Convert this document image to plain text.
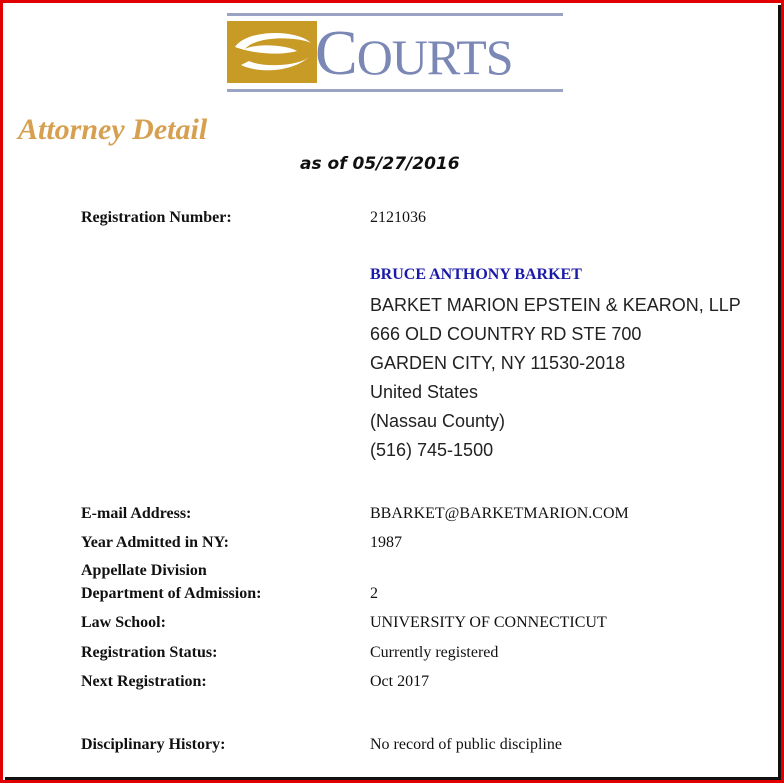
COURTS
Attorney Detail
as of 05/27/2016
Registration Number:	2121036
BRUCE ANTHONY BARKET
BARKET MARION EPSTEIN & KEARON, LLP
666 OLD COUNTRY RD STE 700
GARDEN CITY, NY 11530-2018
United States
(Nassau County)
(516) 745-1500
E-mail Address:	BBARKET@BARKETMARION.COM
Year Admitted in NY:	1987
Appellate Division
Department of Admission:	2
Law School:	UNIVERSITY OF CONNECTICUT
Registration Status:	Currently registered
Next Registration:	Oct 2017
Disciplinary History:	No record of public discipline
